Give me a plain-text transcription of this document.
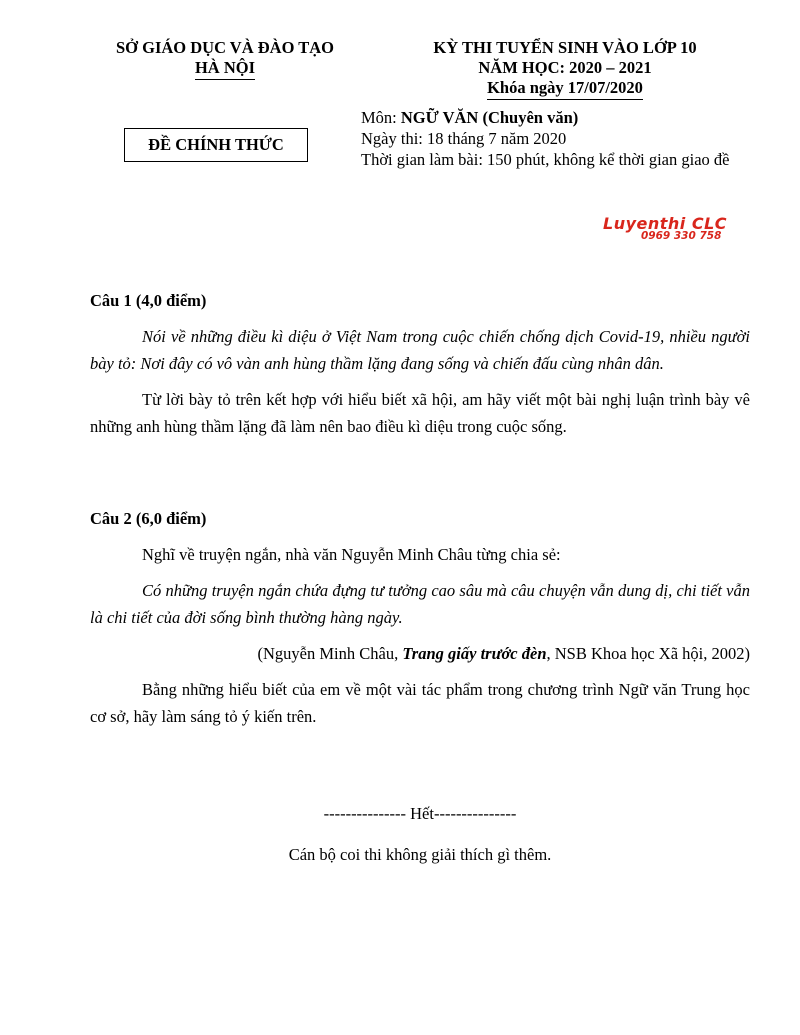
SỞ GIÁO DỤC VÀ ĐÀO TẠO
HÀ NỘI
KỲ THI TUYỂN SINH VÀO LỚP 10
NĂM HỌC: 2020 – 2021
Khóa ngày 17/07/2020
ĐỀ CHÍNH THỨC
Môn: NGỮ VĂN (Chuyên văn)
Ngày thi: 18 tháng 7 năm 2020
Thời gian làm bài: 150 phút, không kể thời gian giao đề
Luyenthi CLC
0969 330 758

Câu 1 (4,0 điểm)

Nói về những điều kì diệu ở Việt Nam trong cuộc chiến chống dịch Covid-19, nhiều người bày tỏ: Nơi đây có vô vàn anh hùng thầm lặng đang sống và chiến đấu cùng nhân dân.

Từ lời bày tỏ trên kết hợp với hiểu biết xã hội, am hãy viết một bài nghị luận trình bày vê những anh hùng thầm lặng đã làm nên bao điều kì diệu trong cuộc sống.

Câu 2 (6,0 điểm)

Nghĩ về truyện ngắn, nhà văn Nguyễn Minh Châu từng chia sẻ:

Có những truyện ngắn chứa đựng tư tưởng cao sâu mà câu chuyện vẫn dung dị, chi tiết vẫn là chi tiết của đời sống bình thường hàng ngày.

(Nguyễn Minh Châu, Trang giấy trước đèn, NSB Khoa học Xã hội, 2002)

Bằng những hiểu biết của em về một vài tác phẩm trong chương trình Ngữ văn Trung học cơ sở, hãy làm sáng tỏ ý kiến trên.

--------------- Hết---------------
Cán bộ coi thi không giải thích gì thêm.
